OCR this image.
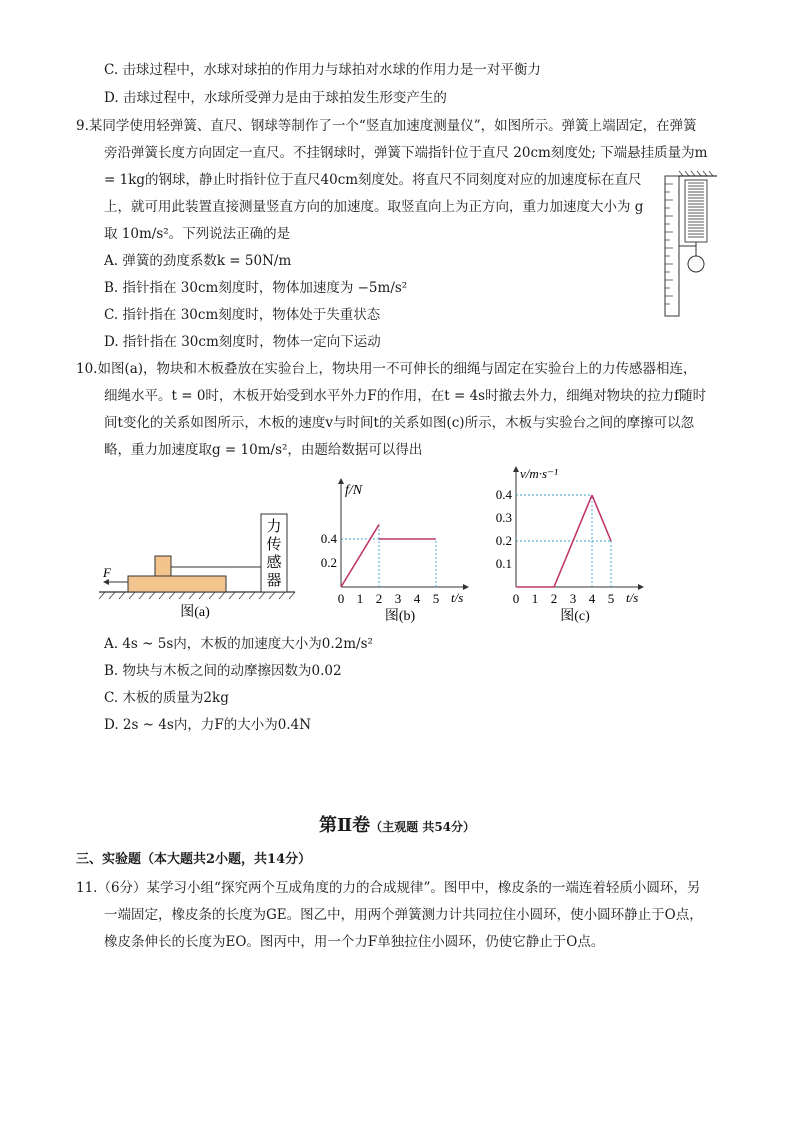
C. 击球过程中，水球对球拍的作用力与球拍对水球的作用力是一对平衡力
D. 击球过程中，水球所受弹力是由于球拍发生形变产生的
9.某同学使用轻弹簧、直尺、钢球等制作了一个“竖直加速度测量仪”，如图所示。弹簧上端固定，在弹簧
旁沿弹簧长度方向固定一直尺。不挂钢球时，弹簧下端指针位于直尺 20cm刻度处; 下端悬挂质量为m
= 1kg的钢球，静止时指针位于直尺40cm刻度处。将直尺不同刻度对应的加速度标在直尺
上，就可用此装置直接测量竖直方向的加速度。取竖直向上为正方向，重力加速度大小为 g
取 10m/s²。下列说法正确的是
A. 弹簧的劲度系数k = 50N/m
B. 指针指在 30cm刻度时，物体加速度为 −5m/s²
C. 指针指在 30cm刻度时，物体处于失重状态
D. 指针指在 30cm刻度时，物体一定向下运动
10.如图(a)，物块和木板叠放在实验台上，物块用一不可伸长的细绳与固定在实验台上的力传感器相连，
细绳水平。t = 0时，木板开始受到水平外力F的作用，在t = 4s时撤去外力，细绳对物块的拉力f随时
间t变化的关系如图所示，木板的速度v与时间t的关系如图(c)所示，木板与实验台之间的摩擦可以忽
略，重力加速度取g = 10m/s²，由题给数据可以得出
力
传
感
器
F
图(a)
f/N
t/s
0 1 2 3 4 5
0.2
0.4
图(b)
v/m·s⁻¹
t/s
0 1 2 3 4 5
0.1
0.2
0.3
0.4
图(c)
A. 4s ~ 5s内，木板的加速度大小为0.2m/s²
B. 物块与木板之间的动摩擦因数为0.02
C. 木板的质量为2kg
D. 2s ~ 4s内，力F的大小为0.4N
第Ⅱ卷（主观题 共54分）
三、实验题（本大题共2小题，共14分）
11.（6分）某学习小组“探究两个互成角度的力的合成规律”。图甲中，橡皮条的一端连着轻质小圆环，另
一端固定，橡皮条的长度为GE。图乙中，用两个弹簧测力计共同拉住小圆环，使小圆环静止于O点，
橡皮条伸长的长度为EO。图丙中，用一个力F单独拉住小圆环，仍使它静止于O点。
